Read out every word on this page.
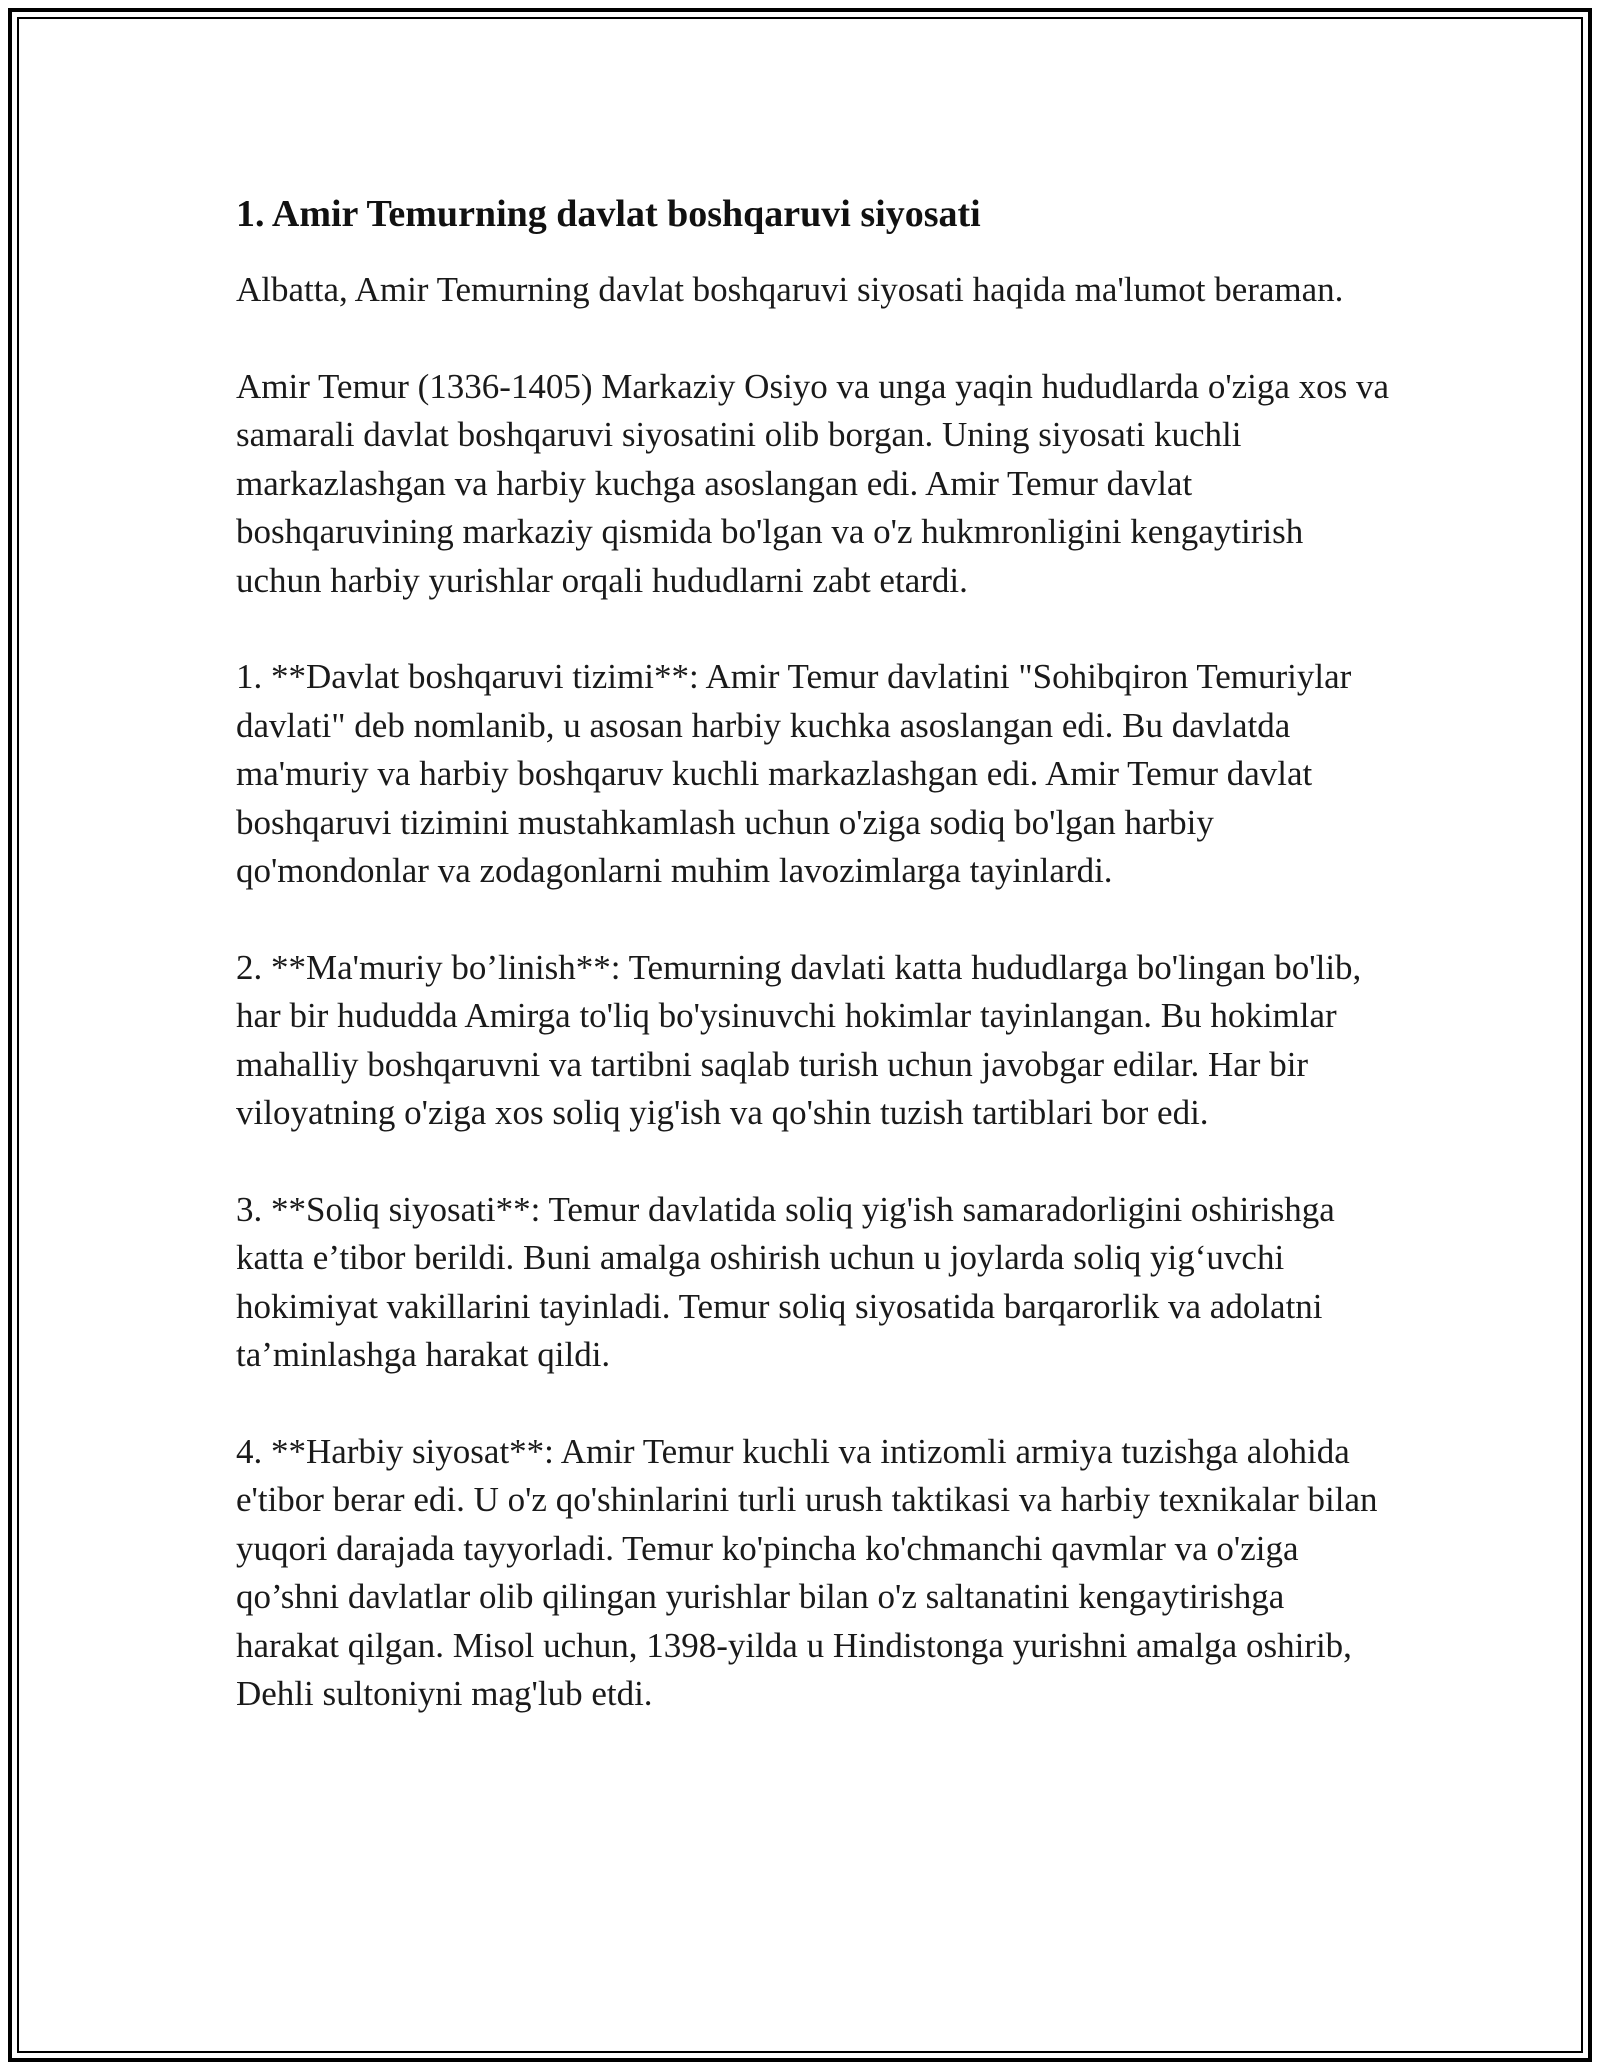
1. Amir Temurning davlat boshqaruvi siyosati

Albatta, Amir Temurning davlat boshqaruvi siyosati haqida ma'lumot beraman.

Amir Temur (1336-1405) Markaziy Osiyo va unga yaqin hududlarda o'ziga xos va samarali davlat boshqaruvi siyosatini olib borgan. Uning siyosati kuchli markazlashgan va harbiy kuchga asoslangan edi. Amir Temur davlat boshqaruvining markaziy qismida bo'lgan va o'z hukmronligini kengaytirish uchun harbiy yurishlar orqali hududlarni zabt etardi.

1. **Davlat boshqaruvi tizimi**: Amir Temur davlatini "Sohibqiron Temuriylar davlati" deb nomlanib, u asosan harbiy kuchka asoslangan edi. Bu davlatda ma'muriy va harbiy boshqaruv kuchli markazlashgan edi. Amir Temur davlat boshqaruvi tizimini mustahkamlash uchun o'ziga sodiq bo'lgan harbiy qo'mondonlar va zodagonlarni muhim lavozimlarga tayinlardi.

2. **Ma'muriy bo’linish**: Temurning davlati katta hududlarga bo'lingan bo'lib, har bir hududda Amirga to'liq bo'ysinuvchi hokimlar tayinlangan. Bu hokimlar mahalliy boshqaruvni va tartibni saqlab turish uchun javobgar edilar. Har bir viloyatning o'ziga xos soliq yig'ish va qo'shin tuzish tartiblari bor edi.

3. **Soliq siyosati**: Temur davlatida soliq yig'ish samaradorligini oshirishga katta e’tibor berildi. Buni amalga oshirish uchun u joylarda soliq yig‘uvchi hokimiyat vakillarini tayinladi. Temur soliq siyosatida barqarorlik va adolatni ta’minlashga harakat qildi.

4. **Harbiy siyosat**: Amir Temur kuchli va intizomli armiya tuzishga alohida e'tibor berar edi. U o'z qo'shinlarini turli urush taktikasi va harbiy texnikalar bilan yuqori darajada tayyorladi. Temur ko'pincha ko'chmanchi qavmlar va o'ziga qo’shni davlatlar olib qilingan yurishlar bilan o'z saltanatini kengaytirishga harakat qilgan. Misol uchun, 1398-yilda u Hindistonga yurishni amalga oshirib, Dehli sultoniyni mag'lub etdi.
